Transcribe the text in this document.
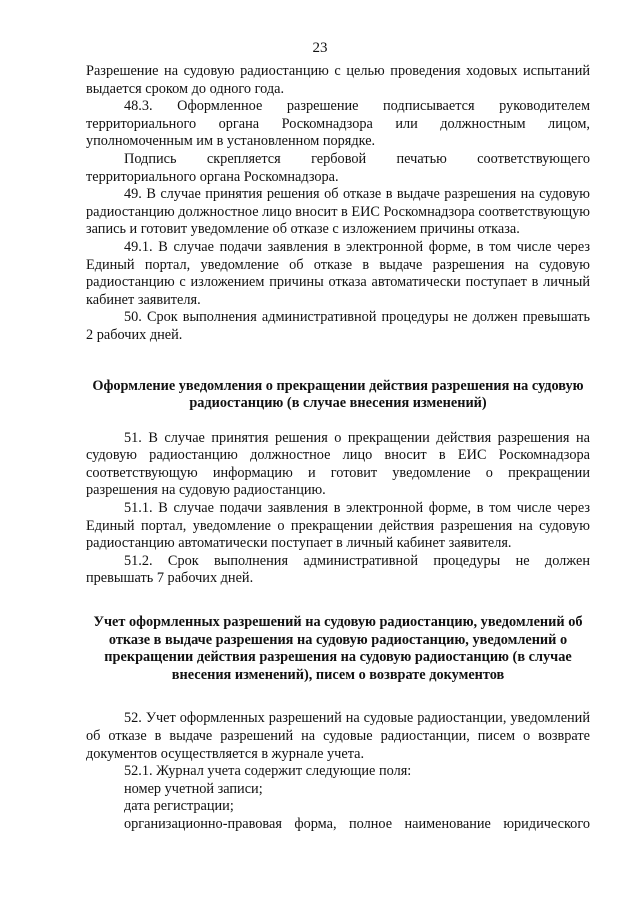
23

Разрешение на судовую радиостанцию с целью проведения ходовых испытаний выдается сроком до одного года.

48.3. Оформленное разрешение подписывается руководителем территориального органа Роскомнадзора или должностным лицом, уполномоченным им в установленном порядке.

Подпись скрепляется гербовой печатью соответствующего территориального органа Роскомнадзора.

49. В случае принятия решения об отказе в выдаче разрешения на судовую радиостанцию должностное лицо вносит в ЕИС Роскомнадзора соответствующую запись и готовит уведомление об отказе с изложением причины отказа.

49.1. В случае подачи заявления в электронной форме, в том числе через Единый портал, уведомление об отказе в выдаче разрешения на судовую радиостанцию с изложением причины отказа автоматически поступает в личный кабинет заявителя.

50. Срок выполнения административной процедуры не должен превышать 2 рабочих дней.

Оформление уведомления о прекращении действия разрешения на судовую радиостанцию (в случае внесения изменений)

51. В случае принятия решения о прекращении действия разрешения на судовую радиостанцию должностное лицо вносит в ЕИС Роскомнадзора соответствующую информацию и готовит уведомление о прекращении разрешения на судовую радиостанцию.

51.1. В случае подачи заявления в электронной форме, в том числе через Единый портал, уведомление о прекращении действия разрешения на судовую радиостанцию автоматически поступает в личный кабинет заявителя.

51.2. Срок выполнения административной процедуры не должен превышать 7 рабочих дней.

Учет оформленных разрешений на судовую радиостанцию, уведомлений об отказе в выдаче разрешения на судовую радиостанцию, уведомлений о прекращении действия разрешения на судовую радиостанцию (в случае внесения изменений), писем о возврате документов

52. Учет оформленных разрешений на судовые радиостанции, уведомлений об отказе в выдаче разрешений на судовые радиостанции, писем о возврате документов осуществляется в журнале учета.

52.1. Журнал учета содержит следующие поля:

номер учетной записи;

дата регистрации;

организационно-правовая форма, полное наименование юридического
